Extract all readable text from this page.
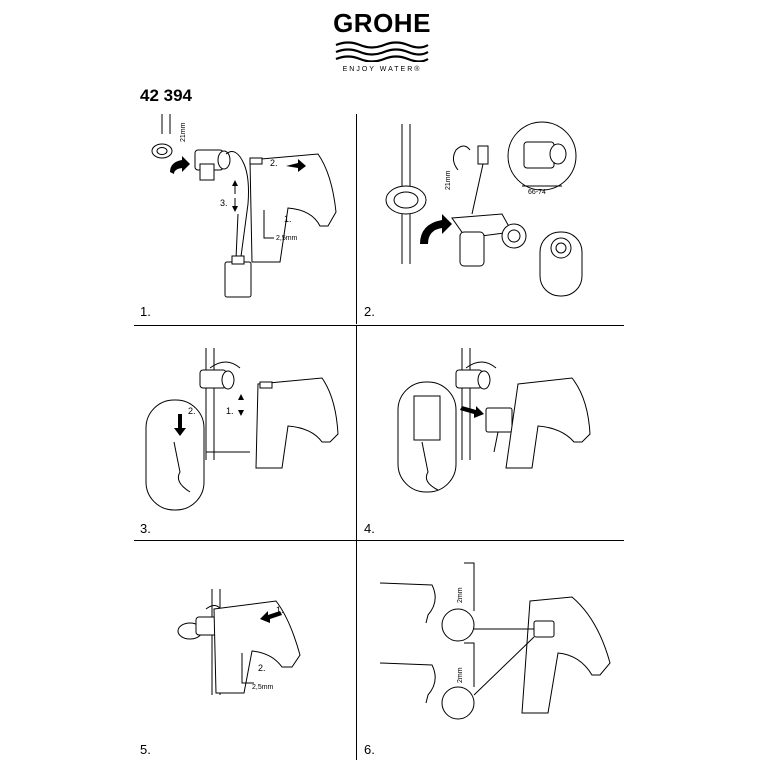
GROHE
ENJOY WATER®
42 394
1.	2.
3.	4.
5.	6.
21mm
3.
2.
1.
2,5mm
21mm
66-74
2.	1.
1.
2.
2,5mm
2mm
2mm
